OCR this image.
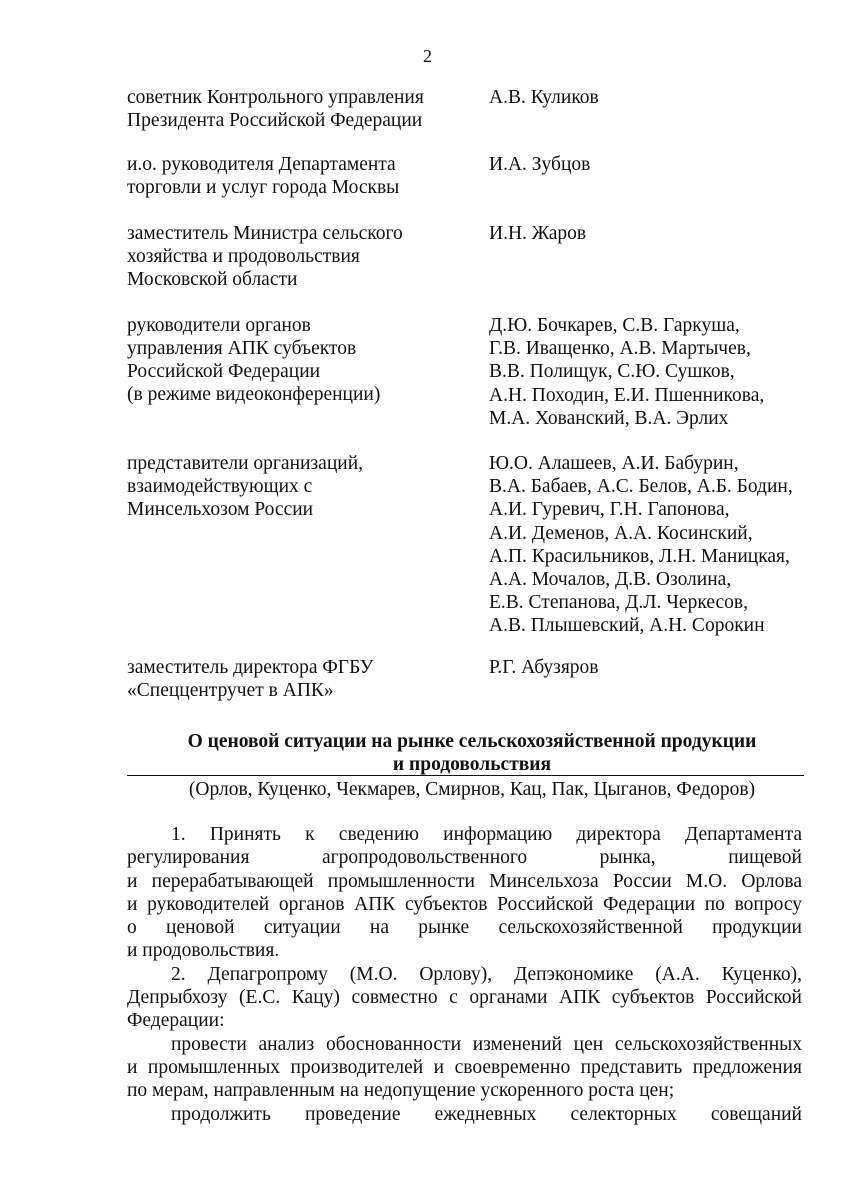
2
советник Контрольного управления
Президента Российской Федерации
А.В. Куликов
и.о. руководителя Департамента
торговли и услуг города Москвы
И.А. Зубцов
заместитель Министра сельского
хозяйства и продовольствия
Московской области
И.Н. Жаров
руководители органов
управления АПК субъектов
Российской Федерации
(в режиме видеоконференции)
Д.Ю. Бочкарев, С.В. Гаркуша,
Г.В. Иващенко, А.В. Мартычев,
В.В. Полищук, С.Ю. Сушков,
А.Н. Походин, Е.И. Пшенникова,
М.А. Хованский, В.А. Эрлих
представители организаций,
взаимодействующих с
Минсельхозом России
Ю.О. Алашеев, А.И. Бабурин,
В.А. Бабаев, А.С. Белов, А.Б. Бодин,
А.И. Гуревич, Г.Н. Гапонова,
А.И. Деменов, А.А. Косинский,
А.П. Красильников, Л.Н. Маницкая,
А.А. Мочалов, Д.В. Озолина,
Е.В. Степанова, Д.Л. Черкесов,
А.В. Плышевский, А.Н. Сорокин
заместитель директора ФГБУ
«Спеццентручет в АПК»
Р.Г. Абузяров
О ценовой ситуации на рынке сельскохозяйственной продукции
и продовольствия
(Орлов, Куценко, Чекмарев, Смирнов, Кац, Пак, Цыганов, Федоров)
1. Принять к сведению информацию директора Департамента
регулирования агропродовольственного рынка, пищевой
и перерабатывающей промышленности Минсельхоза России М.О. Орлова
и руководителей органов АПК субъектов Российской Федерации по вопросу
о ценовой ситуации на рынке сельскохозяйственной продукции
и продовольствия.
2. Депагропрому (М.О. Орлову), Депэкономике (А.А. Куценко),
Депрыбхозу (Е.С. Кацу) совместно с органами АПК субъектов Российской
Федерации:
провести анализ обоснованности изменений цен сельскохозяйственных
и промышленных производителей и своевременно представить предложения
по мерам, направленным на недопущение ускоренного роста цен;
продолжить проведение ежедневных селекторных совещаний
